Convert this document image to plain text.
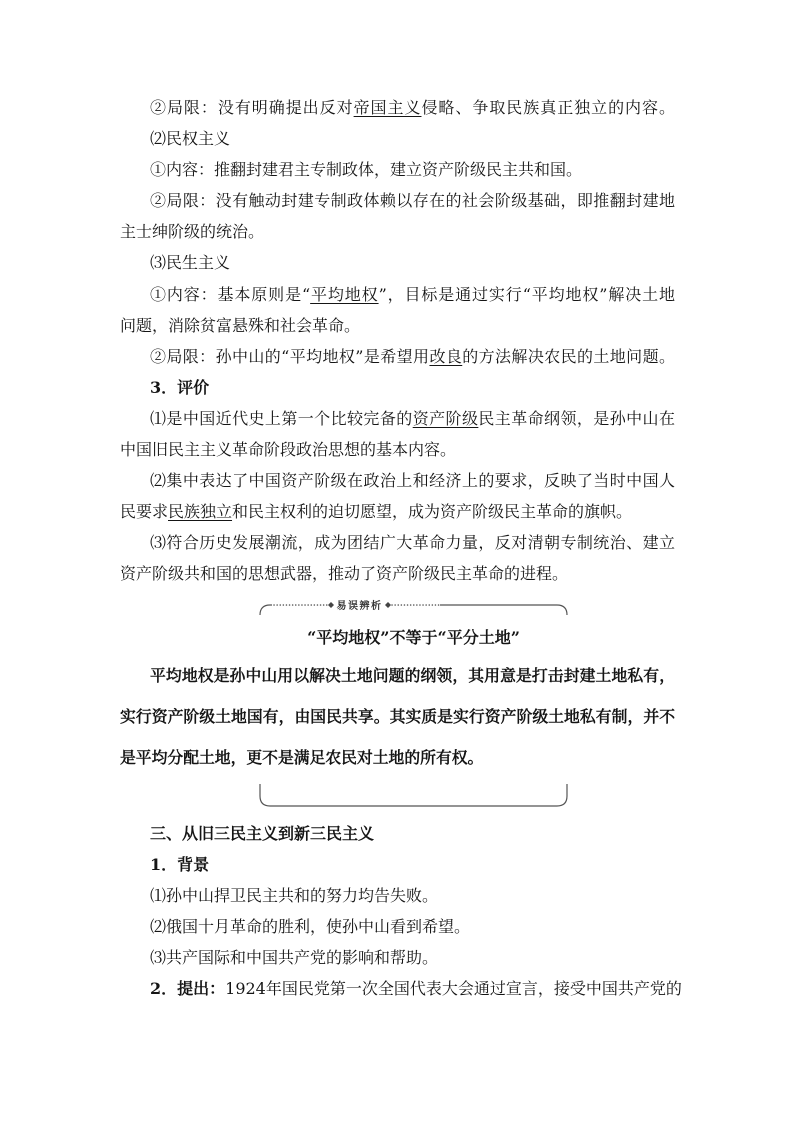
②局限：没有明确提出反对帝国主义侵略、争取民族真正独立的内容。
⑵民权主义
①内容：推翻封建君主专制政体，建立资产阶级民主共和国。
②局限：没有触动封建专制政体赖以存在的社会阶级基础，即推翻封建地
主士绅阶级的统治。
⑶民生主义
①内容：基本原则是“平均地权”，目标是通过实行“平均地权”解决土地
问题，消除贫富悬殊和社会革命。
②局限：孙中山的“平均地权”是希望用改良的方法解决农民的土地问题。
3．评价
⑴是中国近代史上第一个比较完备的资产阶级民主革命纲领，是孙中山在
中国旧民主主义革命阶段政治思想的基本内容。
⑵集中表达了中国资产阶级在政治上和经济上的要求，反映了当时中国人
民要求民族独立和民主权利的迫切愿望，成为资产阶级民主革命的旗帜。
⑶符合历史发展潮流，成为团结广大革命力量，反对清朝专制统治、建立
资产阶级共和国的思想武器，推动了资产阶级民主革命的进程。
易误辨析
“平均地权”不等于“平分土地”
平均地权是孙中山用以解决土地问题的纲领，其用意是打击封建土地私有，
实行资产阶级土地国有，由国民共享。其实质是实行资产阶级土地私有制，并不
是平均分配土地，更不是满足农民对土地的所有权。
三、从旧三民主义到新三民主义
1．背景
⑴孙中山捍卫民主共和的努力均告失败。
⑵俄国十月革命的胜利，使孙中山看到希望。
⑶共产国际和中国共产党的影响和帮助。
2．提出：1924年国民党第一次全国代表大会通过宣言，接受中国共产党的
